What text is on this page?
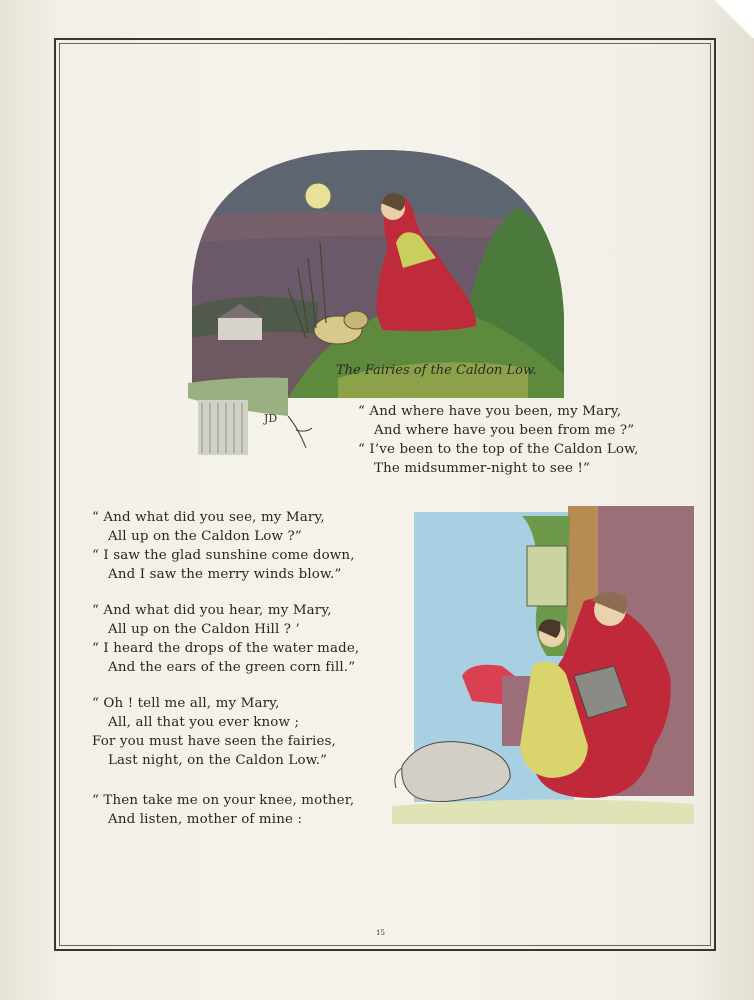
The Fairies of the Caldon Low.
JD	“ And where have you been, my Mary,
And where have you been from me ?”
“ I’ve been to the top of the Caldon Low,
The midsummer-night to see !”
“ And what did you see, my Mary,
All up on the Caldon Low ?”
“ I saw the glad sunshine come down,
And I saw the merry winds blow.”
“ And what did you hear, my Mary,
All up on the Caldon Hill ? ’
“ I heard the drops of the water made,
And the ears of the green corn fill.”
“ Oh ! tell me all, my Mary,
All, all that you ever know ;
For you must have seen the fairies,
Last night, on the Caldon Low.”
“ Then take me on your knee, mother,
And listen, mother of mine :
15
